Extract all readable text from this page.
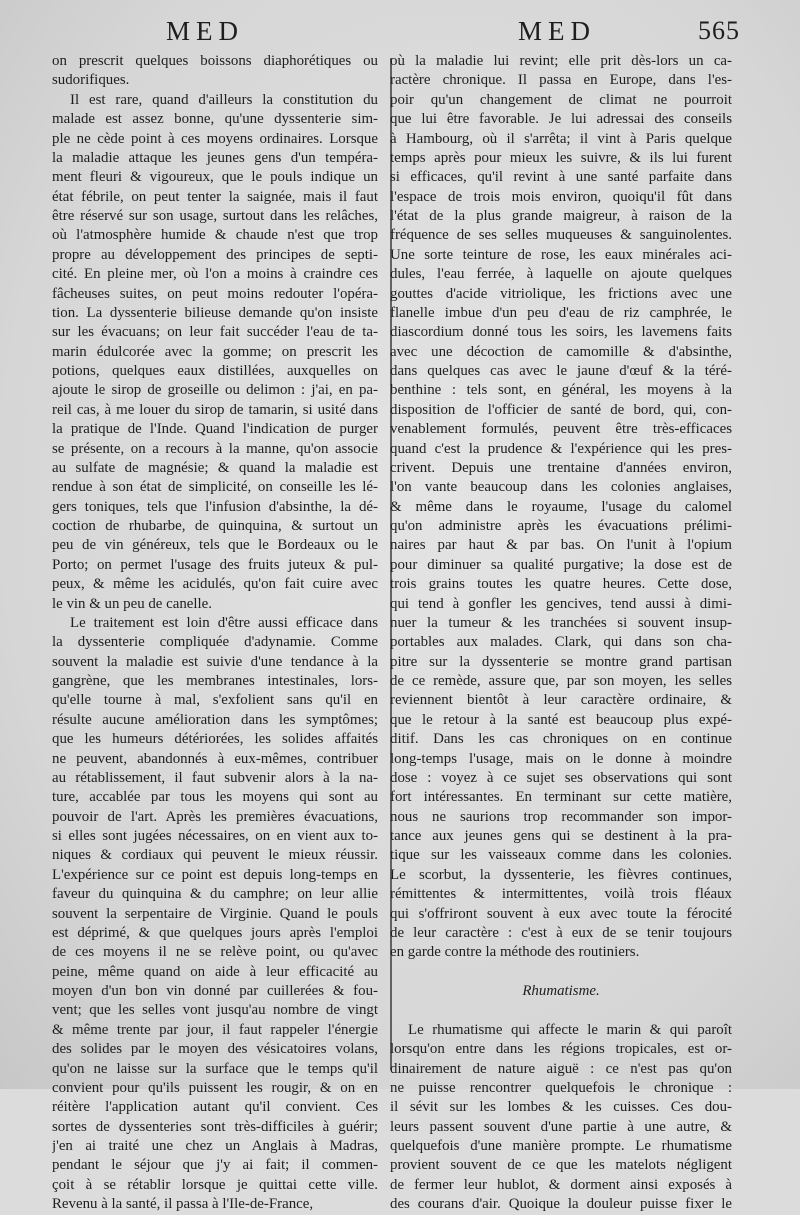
MED	MED	565
on prescrit quelques boissons diaphorétiques ou
sudorifiques.
Il est rare, quand d'ailleurs la constitution du
malade est assez bonne, qu'une dyssenterie sim-
ple ne cède point à ces moyens ordinaires. Lorsque
la maladie attaque les jeunes gens d'un tempéra-
ment fleuri & vigoureux, que le pouls indique un
état fébrile, on peut tenter la saignée, mais il faut
être réservé sur son usage, surtout dans les relâches,
où l'atmosphère humide & chaude n'est que trop
propre au développement des principes de septi-
cité. En pleine mer, où l'on a moins à craindre ces
fâcheuses suites, on peut moins redouter l'opéra-
tion. La dyssenterie bilieuse demande qu'on insiste
sur les évacuans; on leur fait succéder l'eau de ta-
marin édulcorée avec la gomme; on prescrit les
potions, quelques eaux distillées, auxquelles on
ajoute le sirop de groseille ou delimon : j'ai, en pa-
reil cas, à me louer du sirop de tamarin, si usité dans
la pratique de l'Inde. Quand l'indication de purger
se présente, on a recours à la manne, qu'on associe
au sulfate de magnésie; & quand la maladie est
rendue à son état de simplicité, on conseille les lé-
gers toniques, tels que l'infusion d'absinthe, la dé-
coction de rhubarbe, de quinquina, & surtout un
peu de vin généreux, tels que le Bordeaux ou le
Porto; on permet l'usage des fruits juteux & pul-
peux, & même les acidulés, qu'on fait cuire avec
le vin & un peu de canelle.
Le traitement est loin d'être aussi efficace dans
la dyssenterie compliquée d'adynamie. Comme
souvent la maladie est suivie d'une tendance à la
gangrène, que les membranes intestinales, lors-
qu'elle tourne à mal, s'exfolient sans qu'il en
résulte aucune amélioration dans les symptômes;
que les humeurs détériorées, les solides affaités
ne peuvent, abandonnés à eux-mêmes, contribuer
au rétablissement, il faut subvenir alors à la na-
ture, accablée par tous les moyens qui sont au
pouvoir de l'art. Après les premières évacuations,
si elles sont jugées nécessaires, on en vient aux to-
niques & cordiaux qui peuvent le mieux réussir.
L'expérience sur ce point est depuis long-temps en
faveur du quinquina & du camphre; on leur allie
souvent la serpentaire de Virginie. Quand le pouls
est déprimé, & que quelques jours après l'emploi
de ces moyens il ne se relève point, ou qu'avec
peine, même quand on aide à leur efficacité au
moyen d'un bon vin donné par cuillerées & fou-
vent; que les selles vont jusqu'au nombre de vingt
& même trente par jour, il faut rappeler l'énergie
des solides par le moyen des vésicatoires volans,
qu'on ne laisse sur la surface que le temps qu'il
convient pour qu'ils puissent les rougir, & on en
réitère l'application autant qu'il convient. Ces
sortes de dyssenteries sont très-difficiles à guérir;
j'en ai traité une chez un Anglais à Madras,
pendant le séjour que j'y ai fait; il commen-
çoit à se rétablir lorsque je quittai cette ville.
Revenu à la santé, il passa à l'Ile-de-France,
où la maladie lui revint; elle prit dès-lors un ca-
ractère chronique. Il passa en Europe, dans l'es-
poir qu'un changement de climat ne pourroit
que lui être favorable. Je lui adressai des conseils
à Hambourg, où il s'arrêta; il vint à Paris quelque
temps après pour mieux les suivre, & ils lui furent
si efficaces, qu'il revint à une santé parfaite dans
l'espace de trois mois environ, quoiqu'il fût dans
l'état de la plus grande maigreur, à raison de la
fréquence de ses selles muqueuses & sanguinolentes.
Une sorte teinture de rose, les eaux minérales aci-
dules, l'eau ferrée, à laquelle on ajoute quelques
gouttes d'acide vitriolique, les frictions avec une
flanelle imbue d'un peu d'eau de riz camphrée, le
diascordium donné tous les soirs, les lavemens faits
avec une décoction de camomille & d'absinthe,
dans quelques cas avec le jaune d'œuf & la téré-
benthine : tels sont, en général, les moyens à la
disposition de l'officier de santé de bord, qui, con-
venablement formulés, peuvent être très-efficaces
quand c'est la prudence & l'expérience qui les pres-
crivent. Depuis une trentaine d'années environ,
l'on vante beaucoup dans les colonies anglaises,
& même dans le royaume, l'usage du calomel
qu'on administre après les évacuations prélimi-
naires par haut & par bas. On l'unit à l'opium
pour diminuer sa qualité purgative; la dose est de
trois grains toutes les quatre heures. Cette dose,
qui tend à gonfler les gencives, tend aussi à dimi-
nuer la tumeur & les tranchées si souvent insup-
portables aux malades. Clark, qui dans son cha-
pitre sur la dyssenterie se montre grand partisan
de ce remède, assure que, par son moyen, les selles
reviennent bientôt à leur caractère ordinaire, &
que le retour à la santé est beaucoup plus expé-
ditif. Dans les cas chroniques on en continue
long-temps l'usage, mais on le donne à moindre
dose : voyez à ce sujet ses observations qui sont
fort intéressantes. En terminant sur cette matière,
nous ne saurions trop recommander son impor-
tance aux jeunes gens qui se destinent à la pra-
tique sur les vaisseaux comme dans les colonies.
Le scorbut, la dyssenterie, les fièvres continues,
rémittentes & intermittentes, voilà trois fléaux
qui s'offriront souvent à eux avec toute la férocité
de leur caractère : c'est à eux de se tenir toujours
en garde contre la méthode des routiniers.
Rhumatisme.
Le rhumatisme qui affecte le marin & qui paroît
lorsqu'on entre dans les régions tropicales, est or-
dinairement de nature aiguë : ce n'est pas qu'on
ne puisse rencontrer quelquefois le chronique :
il sévit sur les lombes & les cuisses. Ces dou-
leurs passent souvent d'une partie à une autre, &
quelquefois d'une manière prompte. Le rhumatisme
provient souvent de ce que les matelots négligent
de fermer leur hublot, & dorment ainsi exposés à
des courans d'air. Quoique la douleur puisse fixer le
